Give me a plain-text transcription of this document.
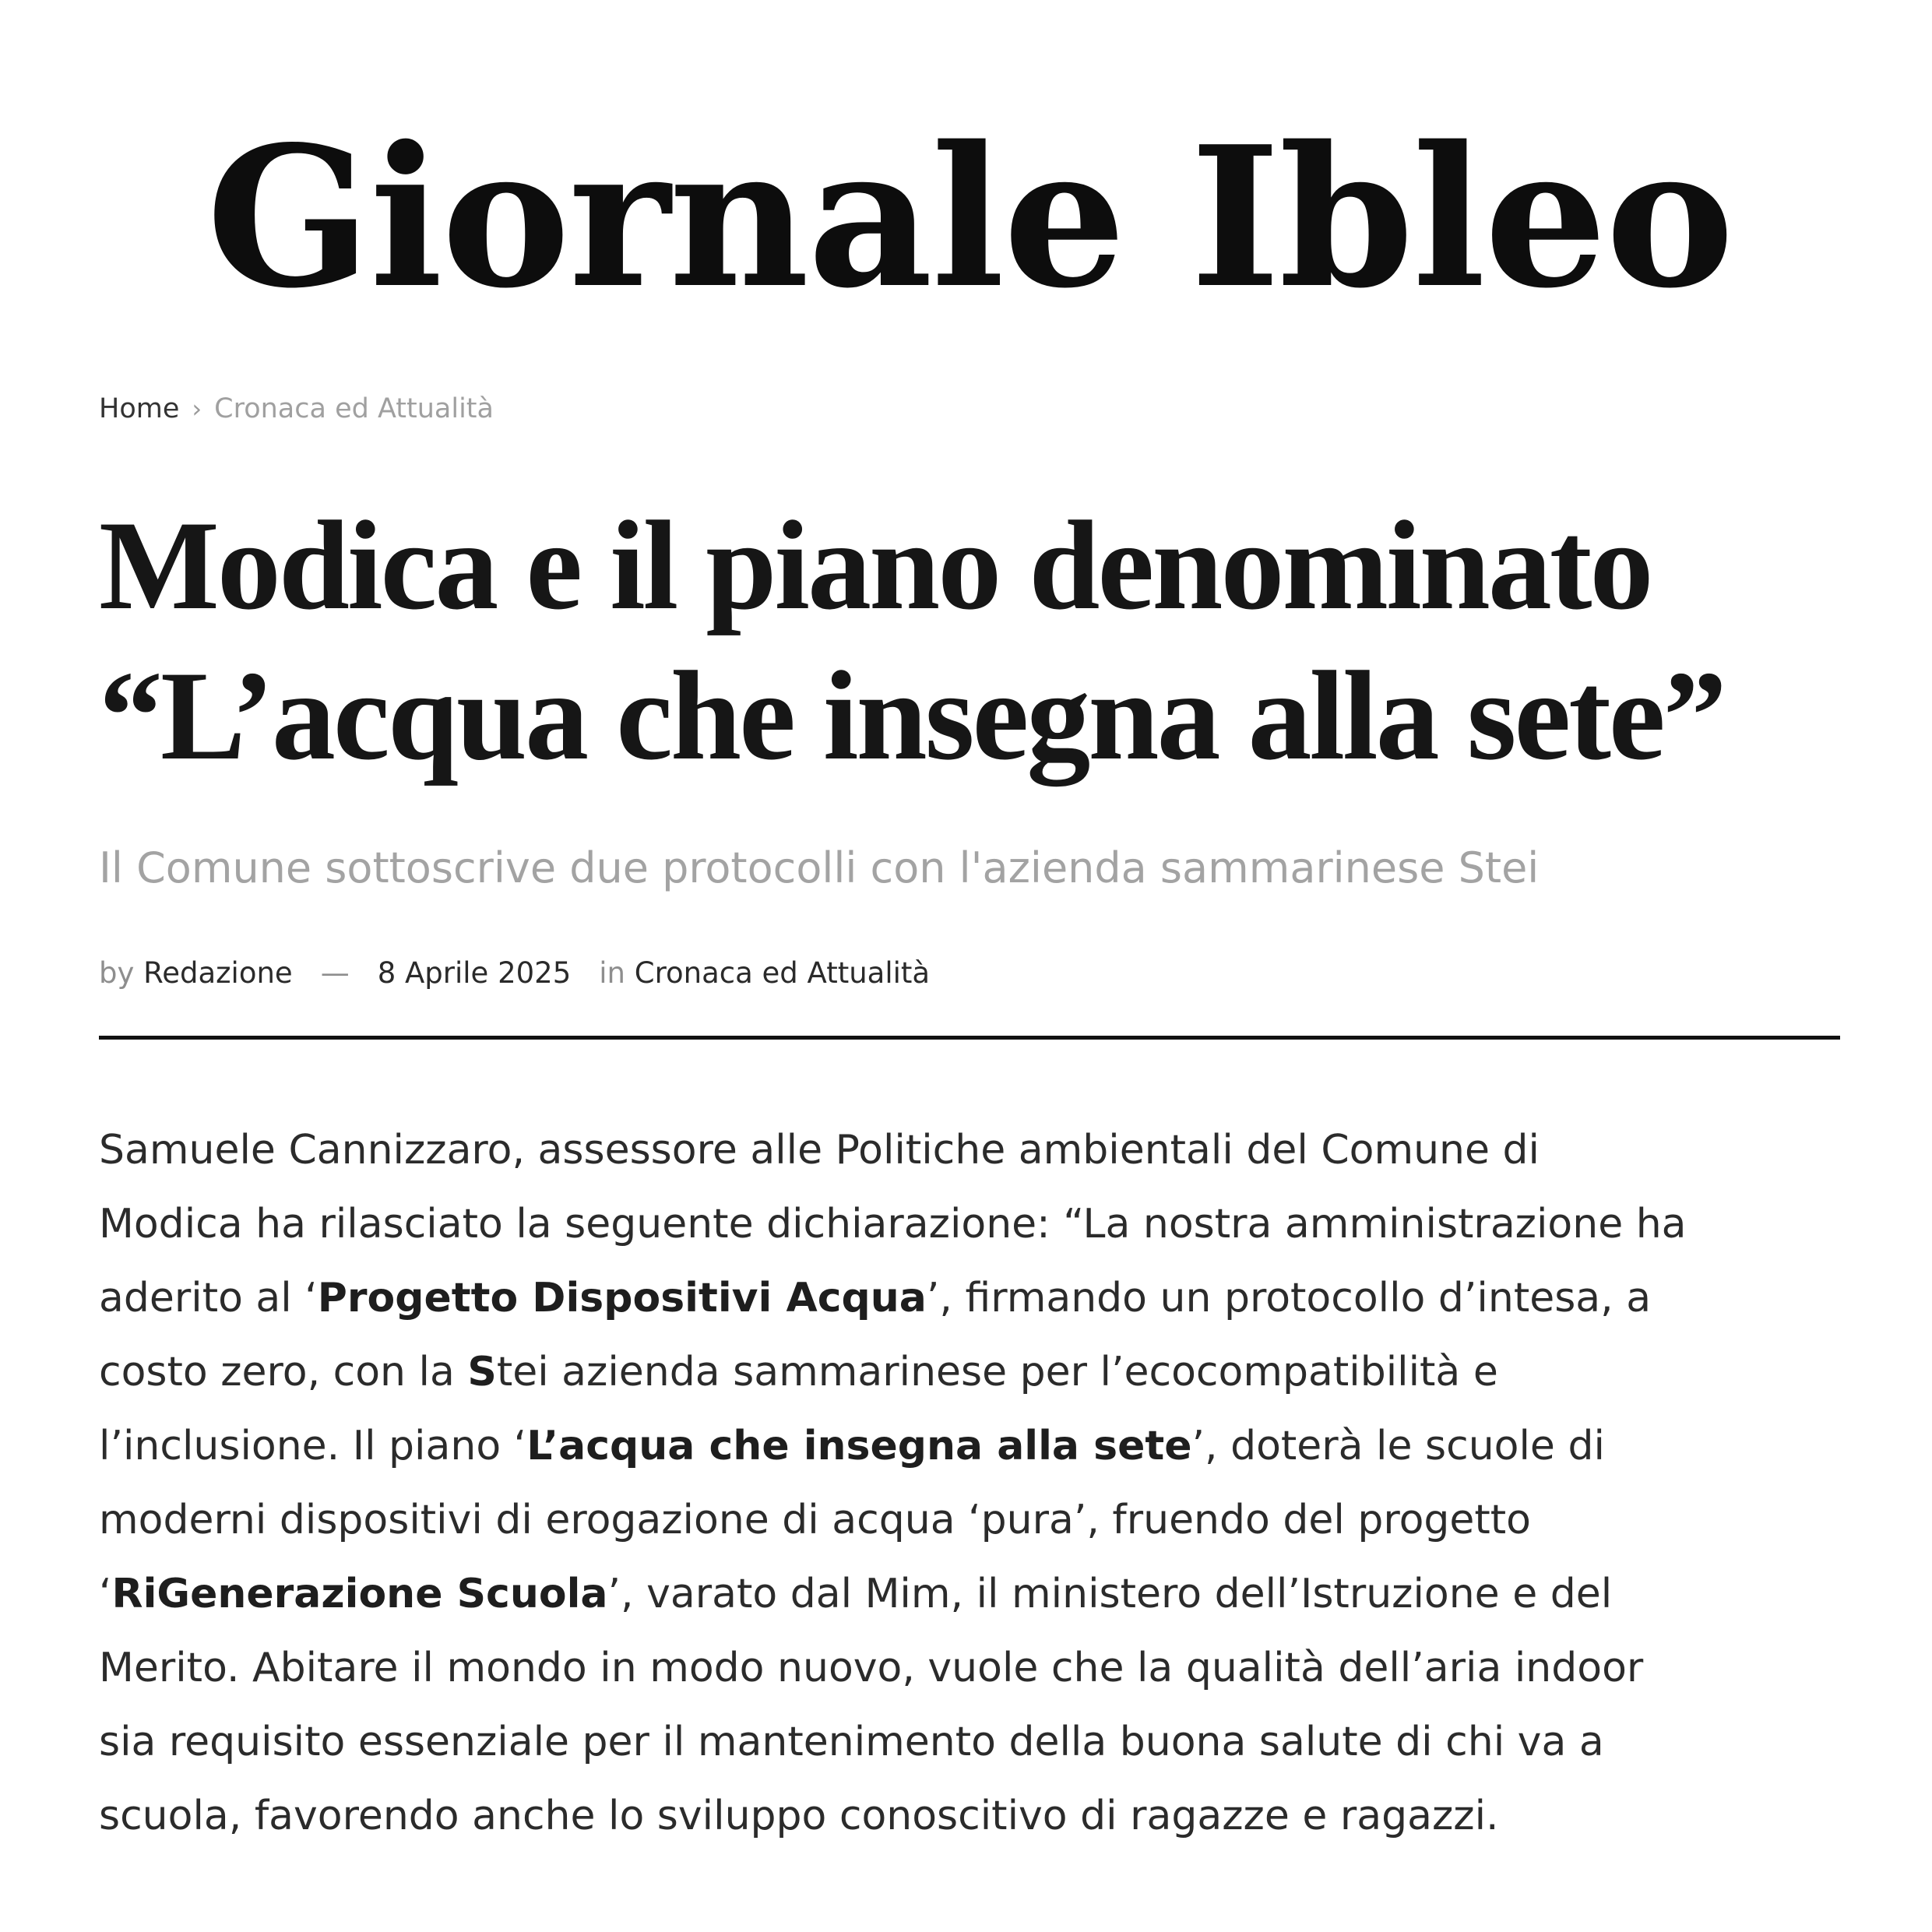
Giornale Ibleo
Home › Cronaca ed Attualità
Modica e il piano denominato
“L’acqua che insegna alla sete”
Il Comune sottoscrive due protocolli con l'azienda sammarinese Stei
by Redazione — 8 Aprile 2025 in Cronaca ed Attualità
Samuele Cannizzaro, assessore alle Politiche ambientali del Comune di
Modica ha rilasciato la seguente dichiarazione: “La nostra amministrazione ha
aderito al ‘Progetto Dispositivi Acqua’, firmando un protocollo d’intesa, a
costo zero, con la Stei azienda sammarinese per l’ecocompatibilità e
l’inclusione. Il piano ‘L’acqua che insegna alla sete’, doterà le scuole di
moderni dispositivi di erogazione di acqua ‘pura’, fruendo del progetto
‘RiGenerazione Scuola’, varato dal Mim, il ministero dell’Istruzione e del
Merito. Abitare il mondo in modo nuovo, vuole che la qualità dell’aria indoor
sia requisito essenziale per il mantenimento della buona salute di chi va a
scuola, favorendo anche lo sviluppo conoscitivo di ragazze e ragazzi.
